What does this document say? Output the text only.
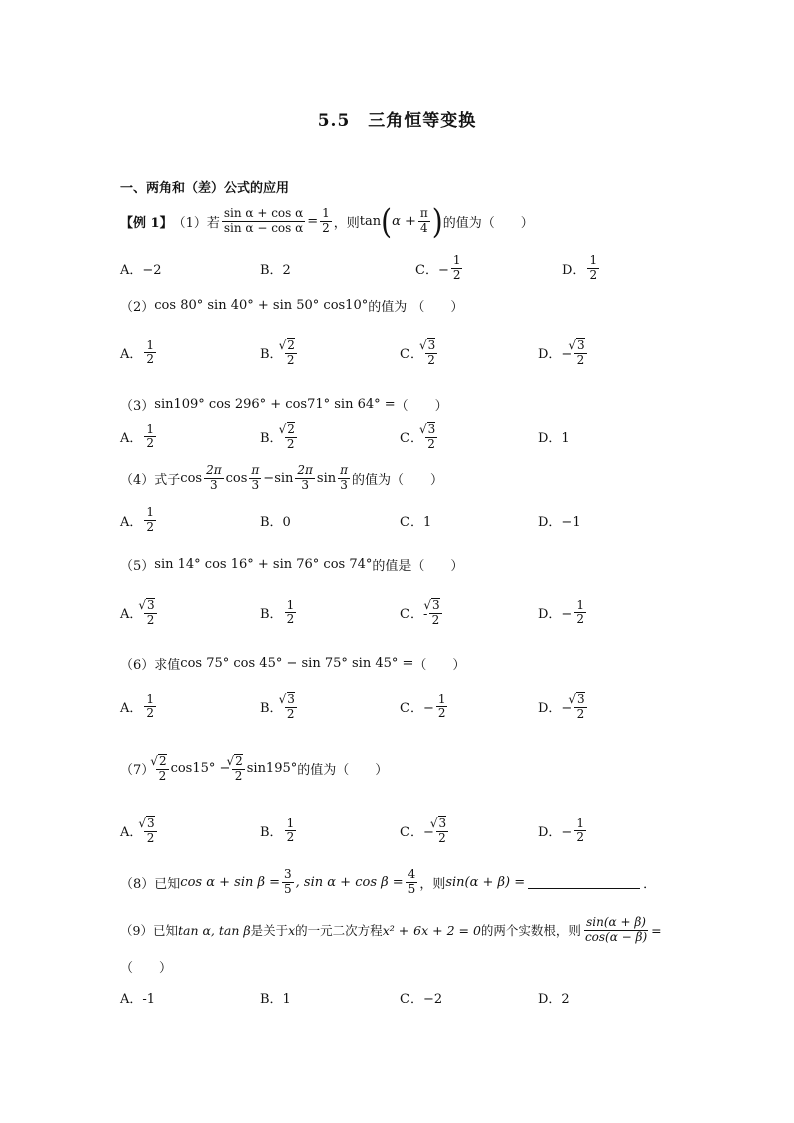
5.5　三角恒等变换
一、两角和（差）公式的应用
【例 1】 （1） 若 $\frac{\text{sin α + cos α}}{\text{sin α − cos α}} = \frac{1}{2}$ ，则 tan ( $\alpha + \frac{\pi}{4}$ ) 的值为（　　）
A．−2	B．2	C．− $\frac{1}{2}$	D． $\frac{1}{2}$
（2） cos 80° sin 40° + sin 50° cos10° 的值为 （　　）
A． $\frac{1}{2}$	B． √ $\frac{2}{2}$	C． √ $\frac{3}{2}$	D．− √ $\frac{3}{2}$
（3） sin109° cos 296° + cos71° sin 64° = （　　）
A． $\frac{1}{2}$	B． √ $\frac{2}{2}$	C． √ $\frac{3}{2}$	D．1
（4） 式子 $\cos \frac{2\pi}{3}$ $\cos \frac{\pi}{3} - \sin \frac{2\pi}{3}$ $\sin \frac{\pi}{3}$ 的值为（　　）
A． $\frac{1}{2}$	B．0	C．1	D．−1
（5） sin 14° cos 16° + sin 76° cos 74° 的值是（　　）
A． √ $\frac{3}{2}$	B． $\frac{1}{2}$	C．- √ $\frac{3}{2}$	D．− $\frac{1}{2}$
（6） 求值 cos 75° cos 45° − sin 75° sin 45° = （　　）
A． $\frac{1}{2}$	B． √ $\frac{3}{2}$	C．− $\frac{1}{2}$	D．− √ $\frac{3}{2}$
（7） √ $\frac{2}{2} \cos 15^\circ$ − √ $\frac{2}{2} \sin 195^\circ$ 的值为（　　）
A． √ $\frac{3}{2}$	B． $\frac{1}{2}$	C．− √ $\frac{3}{2}$	D．− $\frac{1}{2}$
（8） 已知 $\cos \alpha + \sin \beta = \frac{3}{5}$ , $\sin \alpha + \cos \beta = \frac{4}{5}$ ，则 sin(α + β) =	．
（9） 已知 tan α, tan β 是关于 x 的一元二次方程 x² + 6x + 2 = 0 的两个实数根，则 $\frac{\sin(\alpha + \beta)}{\cos(\alpha - \beta)}$ =
（　　）
A．-1	B．1	C．−2	D．2
